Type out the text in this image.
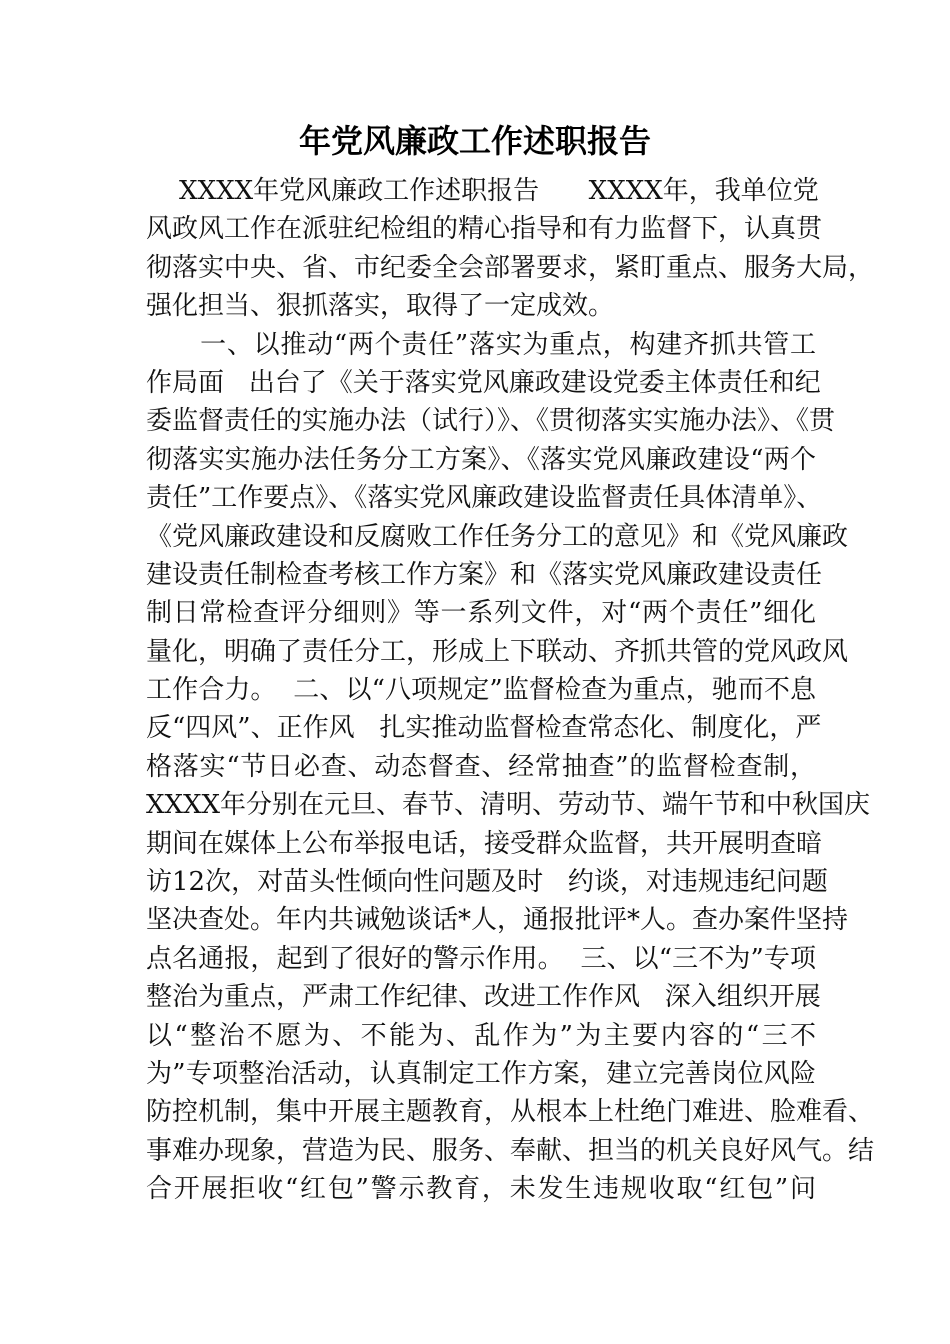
年党风廉政工作述职报告
XXXX年党风廉政工作述职报告      XXXX年，我单位党
风政风工作在派驻纪检组的精心指导和有力监督下，认真贯
彻落实中央、省、市纪委全会部署要求，紧盯重点、服务大局，
强化担当、狠抓落实，取得了一定成效。
一、以推动“两个责任”落实为重点，构建齐抓共管工
作局面   出台了《关于落实党风廉政建设党委主体责任和纪
委监督责任的实施办法（试行）》、《贯彻落实实施办法》、《贯
彻落实实施办法任务分工方案》、《落实党风廉政建设“两个
责任”工作要点》、《落实党风廉政建设监督责任具体清单》、
《党风廉政建设和反腐败工作任务分工的意见》和《党风廉政
建设责任制检查考核工作方案》和《落实党风廉政建设责任
制日常检查评分细则》等一系列文件，对“两个责任”细化
量化，明确了责任分工，形成上下联动、齐抓共管的党风政风
工作合力。  二、以“八项规定”监督检查为重点，驰而不息
反“四风”、正作风   扎实推动监督检查常态化、制度化，严
格落实“节日必查、动态督查、经常抽查”的监督检查制，
XXXX年分别在元旦、春节、清明、劳动节、端午节和中秋国庆
期间在媒体上公布举报电话，接受群众监督，共开展明查暗
访12次，对苗头性倾向性问题及时   约谈，对违规违纪问题
坚决查处。年内共诫勉谈话*人，通报批评*人。查办案件坚持
点名通报，起到了很好的警示作用。  三、以“三不为”专项
整治为重点，严肃工作纪律、改进工作作风   深入组织开展
以“整治不愿为、不能为、乱作为”为主要内容的“三不
为”专项整治活动，认真制定工作方案，建立完善岗位风险
防控机制，集中开展主题教育，从根本上杜绝门难进、脸难看、
事难办现象，营造为民、服务、奉献、担当的机关良好风气。结
合开展拒收“红包”警示教育，未发生违规收取“红包”问
